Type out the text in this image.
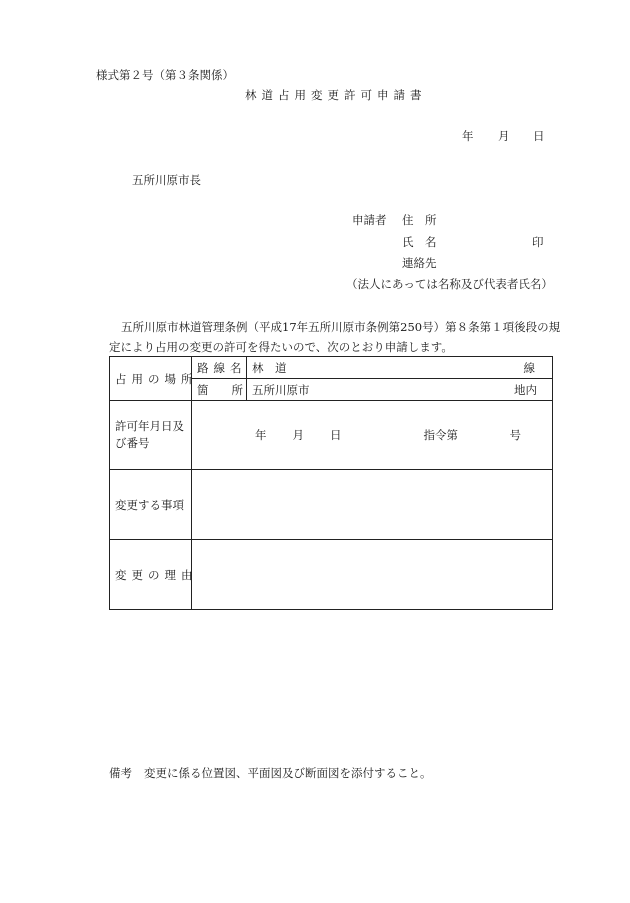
様式第２号（第３条関係）
林道占用変更許可申請書
年 月 日
五所川原市長
申請者 住　所
氏　名	印
連絡先
（法人にあっては名称及び代表者氏名）
五所川原市林道管理条例（平成17年五所川原市条例第250号）第８条第１項後段の規
定により占用の変更の許可を得たいので、次のとおり申請します。
占用の場所	路線名	林　道 線

	箇　　所	五所川原市 地内

許可年月日及び番号	年 月 日 指令第 号	

変更する事項		
変更の理由		
備考 変更に係る位置図、平面図及び断面図を添付すること。
